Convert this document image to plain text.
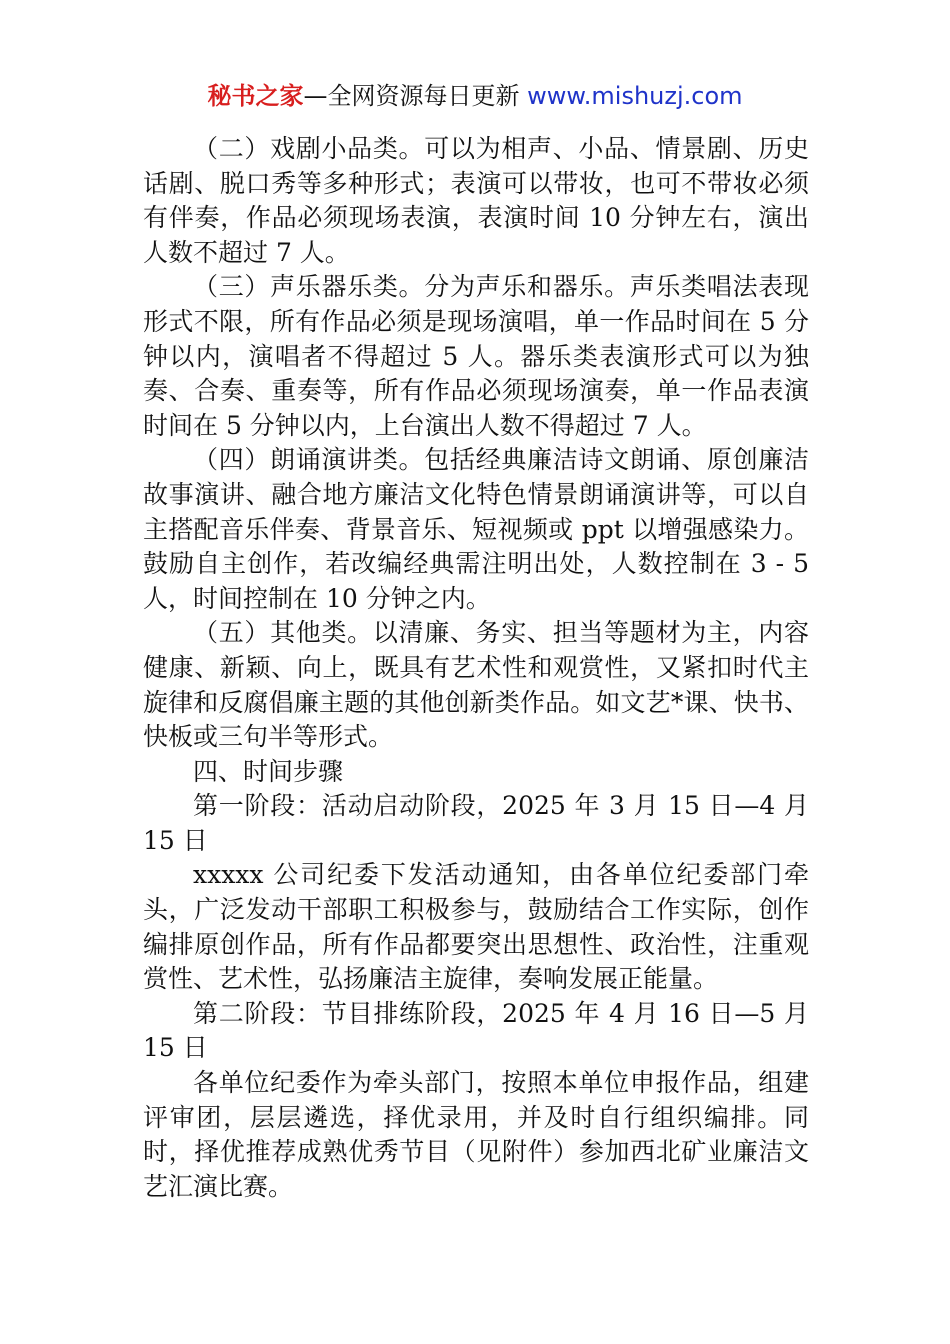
秘书之家—全网资源每日更新 www.mishuzj.com

（二）戏剧小品类。可以为相声、小品、情景剧、历史话剧、脱口秀等多种形式；表演可以带妆，也可不带妆必须有伴奏，作品必须现场表演，表演时间 10 分钟左右，演出人数不超过 7 人。

（三）声乐器乐类。分为声乐和器乐。声乐类唱法表现形式不限，所有作品必须是现场演唱，单一作品时间在 5 分钟以内，演唱者不得超过 5 人。器乐类表演形式可以为独奏、合奏、重奏等，所有作品必须现场演奏，单一作品表演时间在 5 分钟以内，上台演出人数不得超过 7 人。

（四）朗诵演讲类。包括经典廉洁诗文朗诵、原创廉洁故事演讲、融合地方廉洁文化特色情景朗诵演讲等，可以自主搭配音乐伴奏、背景音乐、短视频或 ppt 以增强感染力。鼓励自主创作，若改编经典需注明出处，人数控制在 3 - 5 人，时间控制在 10 分钟之内。

（五）其他类。以清廉、务实、担当等题材为主，内容健康、新颖、向上，既具有艺术性和观赏性，又紧扣时代主旋律和反腐倡廉主题的其他创新类作品。如文艺*课、快书、快板或三句半等形式。

四、时间步骤

第一阶段：活动启动阶段，2025 年 3 月 15 日—4 月 15 日

xxxxx 公司纪委下发活动通知，由各单位纪委部门牵头，广泛发动干部职工积极参与，鼓励结合工作实际，创作编排原创作品，所有作品都要突出思想性、政治性，注重观赏性、艺术性，弘扬廉洁主旋律，奏响发展正能量。

第二阶段：节目排练阶段，2025 年 4 月 16 日—5 月 15 日

各单位纪委作为牵头部门，按照本单位申报作品，组建评审团，层层遴选，择优录用，并及时自行组织编排。同时，择优推荐成熟优秀节目（见附件）参加西北矿业廉洁文艺汇演比赛。
